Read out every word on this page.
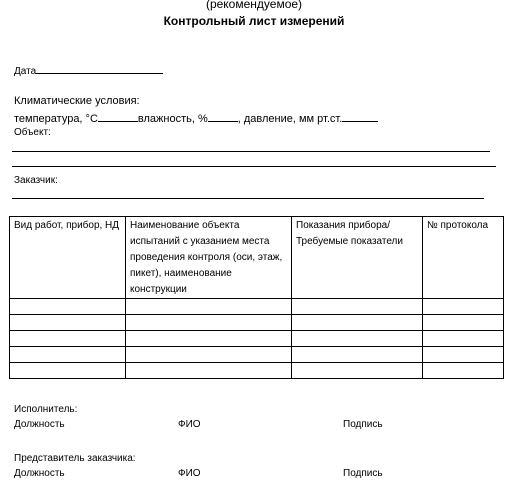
(рекомендуемое)
Контрольный лист измерений
Дата
Климатические условия:
температура, °С	влажность, %	, давление, мм рт.ст.
Объект:
Заказчик:
Вид работ, прибор, НД	Наименование объекта испытаний с указанием места проведения контроля (оси, этаж, пикет), наименование конструкции	Показания прибора/ Требуемые показатели	№ протокола

Исполнитель:
Должность	ФИО	Подпись
Представитель заказчика:
Должность	ФИО	Подпись
